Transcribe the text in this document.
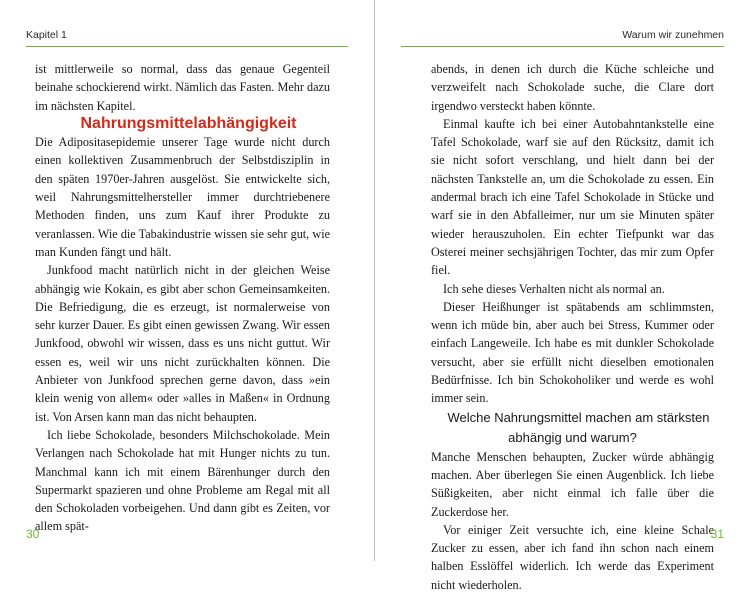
Kapitel 1

ist mittlerweile so normal, dass das genaue Gegenteil beinahe schockierend wirkt. Nämlich das Fasten. Mehr dazu im nächsten Kapitel.

Nahrungsmittelabhängigkeit

Die Adipositasepidemie unserer Tage wurde nicht durch einen kollektiven Zusammenbruch der Selbstdisziplin in den späten 1970er-Jahren ausgelöst. Sie entwickelte sich, weil Nahrungsmittelhersteller immer durchtriebenere Methoden finden, uns zum Kauf ihrer Produkte zu veranlassen. Wie die Tabakindustrie wissen sie sehr gut, wie man Kunden fängt und hält.

Junkfood macht natürlich nicht in der gleichen Weise abhängig wie Kokain, es gibt aber schon Gemeinsamkeiten. Die Befriedigung, die es erzeugt, ist normalerweise von sehr kurzer Dauer. Es gibt einen gewissen Zwang. Wir essen Junkfood, obwohl wir wissen, dass es uns nicht guttut. Wir essen es, weil wir uns nicht zurückhalten können. Die Anbieter von Junkfood sprechen gerne davon, dass »ein klein wenig von allem« oder »alles in Maßen« in Ordnung ist. Von Arsen kann man das nicht behaupten.

Ich liebe Schokolade, besonders Milchschokolade. Mein Verlangen nach Schokolade hat mit Hunger nichts zu tun. Manchmal kann ich mit einem Bärenhunger durch den Supermarkt spazieren und ohne Probleme am Regal mit all den Schokoladen vorbeigehen. Und dann gibt es Zeiten, vor allem spät-

30
Warum wir zunehmen

abends, in denen ich durch die Küche schleiche und verzweifelt nach Schokolade suche, die Clare dort irgendwo versteckt haben könnte.

Einmal kaufte ich bei einer Autobahntankstelle eine Tafel Schokolade, warf sie auf den Rücksitz, damit ich sie nicht sofort verschlang, und hielt dann bei der nächsten Tankstelle an, um die Schokolade zu essen. Ein andermal brach ich eine Tafel Schokolade in Stücke und warf sie in den Abfalleimer, nur um sie Minuten später wieder herauszuholen. Ein echter Tiefpunkt war das Osterei meiner sechsjährigen Tochter, das mir zum Opfer fiel.

Ich sehe dieses Verhalten nicht als normal an.

Dieser Heißhunger ist spätabends am schlimmsten, wenn ich müde bin, aber auch bei Stress, Kummer oder einfach Langeweile. Ich habe es mit dunkler Schokolade versucht, aber sie erfüllt nicht dieselben emotionalen Bedürfnisse. Ich bin Schokoholiker und werde es wohl immer sein.

Welche Nahrungsmittel machen am stärksten abhängig und warum?

Manche Menschen behaupten, Zucker würde abhängig machen. Aber überlegen Sie einen Augenblick. Ich liebe Süßigkeiten, aber nicht einmal ich falle über die Zuckerdose her.

Vor einiger Zeit versuchte ich, eine kleine Schale Zucker zu essen, aber ich fand ihn schon nach einem halben Esslöffel widerlich. Ich werde das Experiment nicht wiederholen.

31
